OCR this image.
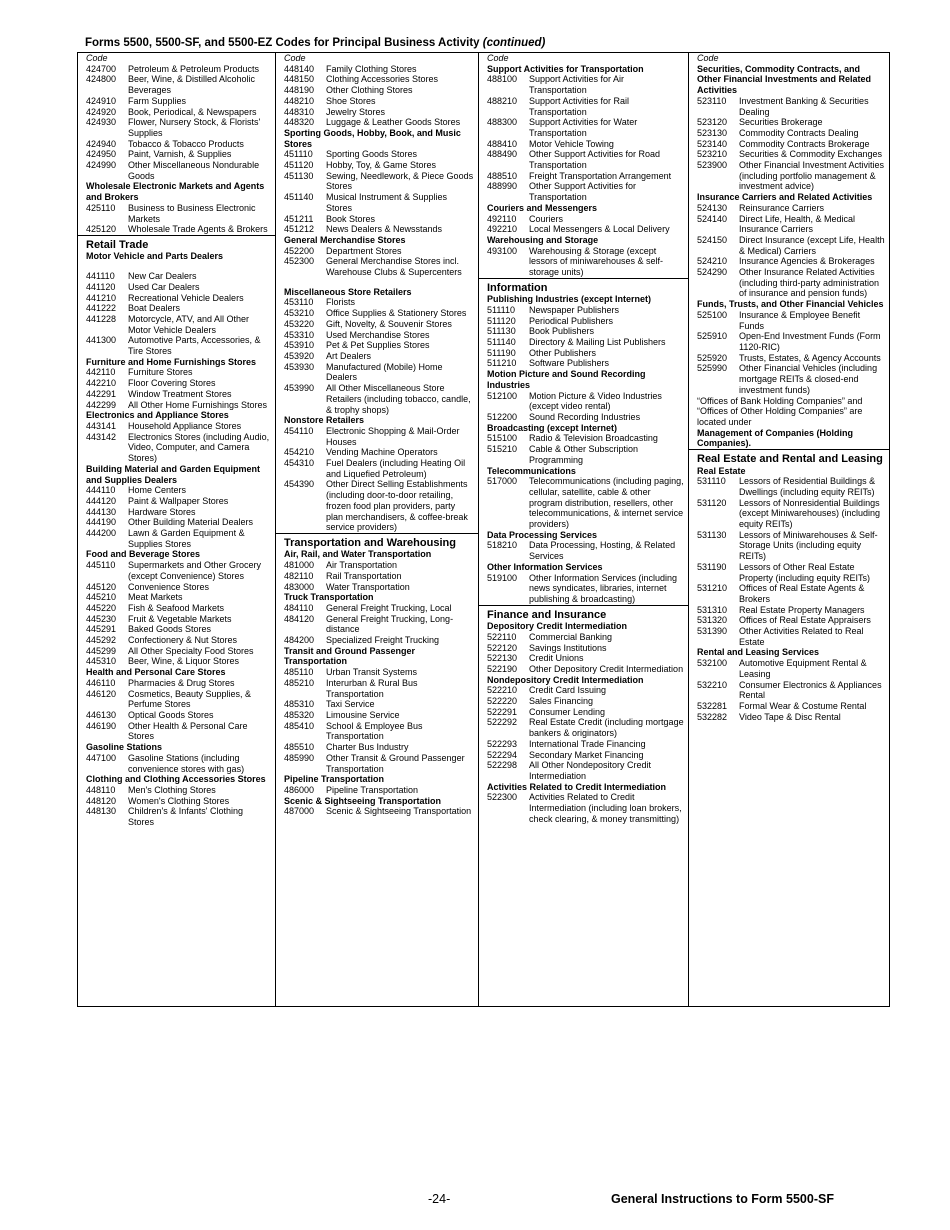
Forms 5500, 5500-SF, and 5500-EZ Codes for Principal Business Activity (continued)
Code
424700	Petroleum & Petroleum Products
424800	Beer, Wine, & Distilled Alcoholic Beverages
424910	Farm Supplies
424920	Book, Periodical, & Newspapers
424930	Flower, Nursery Stock, & Florists' Supplies
424940	Tobacco & Tobacco Products
424950	Paint, Varnish, & Supplies
424990	Other Miscellaneous Nondurable Goods
Wholesale Electronic Markets and Agents and Brokers
425110	Business to Business Electronic Markets
425120	Wholesale Trade Agents & Brokers
Retail Trade
Motor Vehicle and Parts Dealers
441110	New Car Dealers
441120	Used Car Dealers
441210	Recreational Vehicle Dealers
441222	Boat Dealers
441228	Motorcycle, ATV, and All Other Motor Vehicle Dealers
441300	Automotive Parts, Accessories, & Tire Stores
Furniture and Home Furnishings Stores
442110	Furniture Stores
442210	Floor Covering Stores
442291	Window Treatment Stores
442299	All Other Home Furnishings Stores
Electronics and Appliance Stores
443141	Household Appliance Stores
443142	Electronics Stores (including Audio, Video, Computer, and Camera Stores)
Building Material and Garden Equipment and Supplies Dealers
444110	Home Centers
444120	Paint & Wallpaper Stores
444130	Hardware Stores
444190	Other Building Material Dealers
444200	Lawn & Garden Equipment & Supplies Stores
Food and Beverage Stores
445110	Supermarkets and Other Grocery (except Convenience) Stores
445120	Convenience Stores
445210	Meat Markets
445220	Fish & Seafood Markets
445230	Fruit & Vegetable Markets
445291	Baked Goods Stores
445292	Confectionery & Nut Stores
445299	All Other Specialty Food Stores
445310	Beer, Wine, & Liquor Stores
Health and Personal Care Stores
446110	Pharmacies & Drug Stores
446120	Cosmetics, Beauty Supplies, & Perfume Stores
446130	Optical Goods Stores
446190	Other Health & Personal Care Stores
Gasoline Stations
447100	Gasoline Stations (including convenience stores with gas)
Clothing and Clothing Accessories Stores
448110	Men's Clothing Stores
448120	Women's Clothing Stores
448130	Children's & Infants' Clothing Stores
Code
448140	Family Clothing Stores
448150	Clothing Accessories Stores
448190	Other Clothing Stores
448210	Shoe Stores
448310	Jewelry Stores
448320	Luggage & Leather Goods Stores
Sporting Goods, Hobby, Book, and Music Stores
451110	Sporting Goods Stores
451120	Hobby, Toy, & Game Stores
451130	Sewing, Needlework, & Piece Goods Stores
451140	Musical Instrument & Supplies Stores
451211	Book Stores
451212	News Dealers & Newsstands
General Merchandise Stores
452200	Department Stores
452300	General Merchandise Stores incl. Warehouse Clubs & Supercenters
Miscellaneous Store Retailers
453110	Florists
453210	Office Supplies & Stationery Stores
453220	Gift, Novelty, & Souvenir Stores
453310	Used Merchandise Stores
453910	Pet & Pet Supplies Stores
453920	Art Dealers
453930	Manufactured (Mobile) Home Dealers
453990	All Other Miscellaneous Store Retailers (including tobacco, candle, & trophy shops)
Nonstore Retailers
454110	Electronic Shopping & Mail-Order Houses
454210	Vending Machine Operators
454310	Fuel Dealers (including Heating Oil and Liquefied Petroleum)
454390	Other Direct Selling Establishments (including door-to-door retailing, frozen food plan providers, party plan merchandisers, & coffee-break service providers)
Transportation and Warehousing
Air, Rail, and Water Transportation
481000	Air Transportation
482110	Rail Transportation
483000	Water Transportation
Truck Transportation
484110	General Freight Trucking, Local
484120	General Freight Trucking, Long-distance
484200	Specialized Freight Trucking
Transit and Ground Passenger Transportation
485110	Urban Transit Systems
485210	Interurban & Rural Bus Transportation
485310	Taxi Service
485320	Limousine Service
485410	School & Employee Bus Transportation
485510	Charter Bus Industry
485990	Other Transit & Ground Passenger Transportation
Pipeline Transportation
486000	Pipeline Transportation
Scenic & Sightseeing Transportation
487000	Scenic & Sightseeing Transportation
Code
Support Activities for Transportation
488100	Support Activities for Air Transportation
488210	Support Activities for Rail Transportation
488300	Support Activities for Water Transportation
488410	Motor Vehicle Towing
488490	Other Support Activities for Road Transportation
488510	Freight Transportation Arrangement
488990	Other Support Activities for Transportation
Couriers and Messengers
492110	Couriers
492210	Local Messengers & Local Delivery
Warehousing and Storage
493100	Warehousing & Storage (except lessors of miniwarehouses & self-storage units)
Information
Publishing Industries (except Internet)
511110	Newspaper Publishers
511120	Periodical Publishers
511130	Book Publishers
511140	Directory & Mailing List Publishers
511190	Other Publishers
511210	Software Publishers
Motion Picture and Sound Recording Industries
512100	Motion Picture & Video Industries (except video rental)
512200	Sound Recording Industries
Broadcasting (except Internet)
515100	Radio & Television Broadcasting
515210	Cable & Other Subscription Programming
Telecommunications
517000	Telecommunications (including paging, cellular, satellite, cable & other program distribution, resellers, other telecommunications, & internet service providers)
Data Processing Services
518210	Data Processing, Hosting, & Related Services
Other Information Services
519100	Other Information Services (including news syndicates, libraries, internet publishing & broadcasting)
Finance and Insurance
Depository Credit Intermediation
522110	Commercial Banking
522120	Savings Institutions
522130	Credit Unions
522190	Other Depository Credit Intermediation
Nondepository Credit Intermediation
522210	Credit Card Issuing
522220	Sales Financing
522291	Consumer Lending
522292	Real Estate Credit (including mortgage bankers & originators)
522293	International Trade Financing
522294	Secondary Market Financing
522298	All Other Nondepository Credit Intermediation
Activities Related to Credit Intermediation
522300	Activities Related to Credit Intermediation (including loan brokers, check clearing, & money transmitting)
Code
Securities, Commodity Contracts, and Other Financial Investments and Related Activities
523110	Investment Banking & Securities Dealing
523120	Securities Brokerage
523130	Commodity Contracts Dealing
523140	Commodity Contracts Brokerage
523210	Securities & Commodity Exchanges
523900	Other Financial Investment Activities (including portfolio management & investment advice)
Insurance Carriers and Related Activities
524130	Reinsurance Carriers
524140	Direct Life, Health, & Medical Insurance Carriers
524150	Direct Insurance (except Life, Health & Medical) Carriers
524210	Insurance Agencies & Brokerages
524290	Other Insurance Related Activities (including third-party administration of insurance and pension funds)
Funds, Trusts, and Other Financial Vehicles
525100	Insurance & Employee Benefit Funds
525910	Open-End Investment Funds (Form 1120-RIC)
525920	Trusts, Estates, & Agency Accounts
525990	Other Financial Vehicles (including mortgage REITs & closed-end investment funds)
“Offices of Bank Holding Companies” and “Offices of Other Holding Companies” are located under
Management of Companies (Holding Companies).
Real Estate and Rental and Leasing
Real Estate
531110	Lessors of Residential Buildings & Dwellings (including equity REITs)
531120	Lessors of Nonresidential Buildings (except Miniwarehouses) (including equity REITs)
531130	Lessors of Miniwarehouses & Self-Storage Units (including equity REITs)
531190	Lessors of Other Real Estate Property (including equity REITs)
531210	Offices of Real Estate Agents & Brokers
531310	Real Estate Property Managers
531320	Offices of Real Estate Appraisers
531390	Other Activities Related to Real Estate
Rental and Leasing Services
532100	Automotive Equipment Rental & Leasing
532210	Consumer Electronics & Appliances Rental
532281	Formal Wear & Costume Rental
532282	Video Tape & Disc Rental
-24-	General Instructions to Form 5500-SF
